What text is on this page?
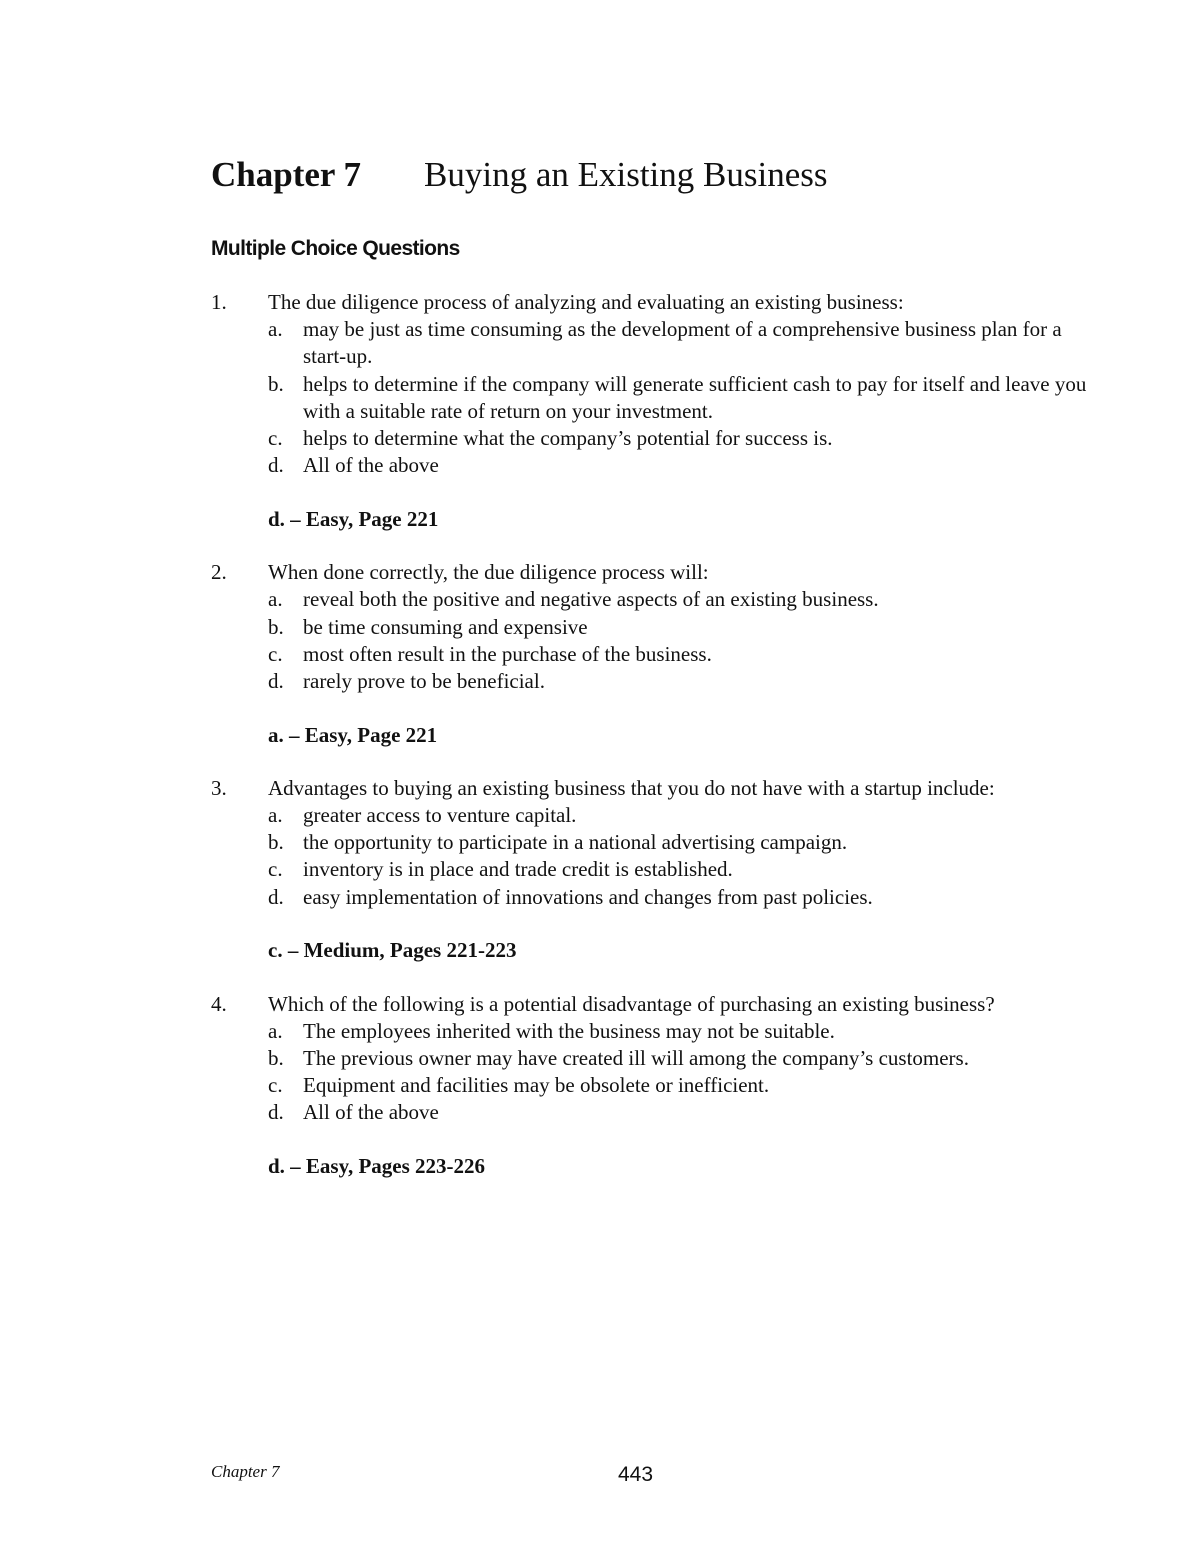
Chapter 7 Buying an Existing Business
Multiple Choice Questions
1. The due diligence process of analyzing and evaluating an existing business:
a. may be just as time consuming as the development of a comprehensive business plan for a start-up.
b. helps to determine if the company will generate sufficient cash to pay for itself and leave you with a suitable rate of return on your investment.
c. helps to determine what the company’s potential for success is.
d. All of the above
d. – Easy, Page 221
2. When done correctly, the due diligence process will:
a. reveal both the positive and negative aspects of an existing business.
b. be time consuming and expensive
c. most often result in the purchase of the business.
d. rarely prove to be beneficial.
a. – Easy, Page 221
3. Advantages to buying an existing business that you do not have with a startup include:
a. greater access to venture capital.
b. the opportunity to participate in a national advertising campaign.
c. inventory is in place and trade credit is established.
d. easy implementation of innovations and changes from past policies.
c. – Medium, Pages 221-223
4. Which of the following is a potential disadvantage of purchasing an existing business?
a. The employees inherited with the business may not be suitable.
b. The previous owner may have created ill will among the company’s customers.
c. Equipment and facilities may be obsolete or inefficient.
d. All of the above
d. – Easy, Pages 223-226
Chapter 7	443
